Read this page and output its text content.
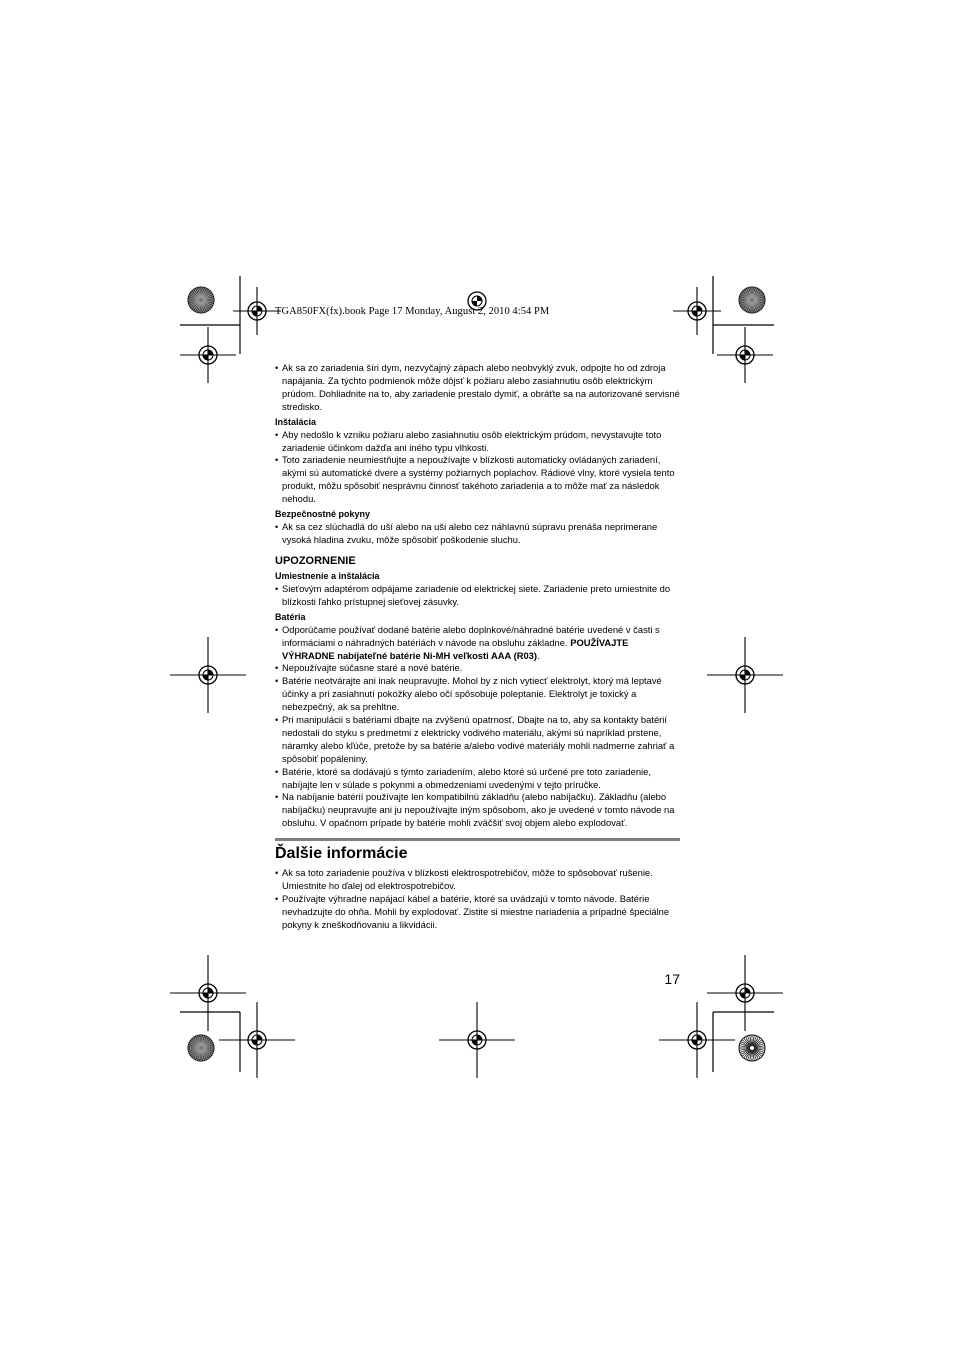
TGA850FX(fx).book Page 17 Monday, August 2, 2010 4:54 PM
• Ak sa zo zariadenia šíri dym, nezvyčajný zápach alebo neobvyklý zvuk, odpojte ho od zdroja napájania. Za týchto podmienok môže dôjsť k požiaru alebo zasiahnutiu osôb elektrickým prúdom. Dohliadnite na to, aby zariadenie prestalo dymiť, a obráťte sa na autorizované servisné stredisko.
Inštalácia
• Aby nedošlo k vzniku požiaru alebo zasiahnutiu osôb elektrickým prúdom, nevystavujte toto zariadenie účinkom dažďa ani iného typu vlhkosti.
• Toto zariadenie neumiestňujte a nepoužívajte v blízkosti automaticky ovládaných zariadení, akými sú automatické dvere a systémy požiarnych poplachov. Rádiové vlny, ktoré vysiela tento produkt, môžu spôsobiť nesprávnu činnosť takéhoto zariadenia a to môže mať za následok nehodu.
Bezpečnostné pokyny
• Ak sa cez slúchadlá do uší alebo na uši alebo cez náhlavnú súpravu prenáša neprimerane vysoká hladina zvuku, môže spôsobiť poškodenie sluchu.
UPOZORNENIE
Umiestnenie a inštalácia
• Sieťovým adaptérom odpájame zariadenie od elektrickej siete. Zariadenie preto umiestnite do blízkosti ľahko prístupnej sieťovej zásuvky.
Batéria
• Odporúčame používať dodané batérie alebo doplnkové/náhradné batérie uvedené v časti s informáciami o náhradných batériách v návode na obsluhu základne. POUŽÍVAJTE VÝHRADNE nabíjateľné batérie Ni-MH veľkosti AAA (R03).
• Nepoužívajte súčasne staré a nové batérie.
• Batérie neotvárajte ani inak neupravujte. Mohol by z nich vytiecť elektrolyt, ktorý má leptavé účinky a pri zasiahnutí pokožky alebo očí spôsobuje poleptanie. Elektrolyt je toxický a nebezpečný, ak sa prehltne.
• Pri manipulácii s batériami dbajte na zvýšenú opatrnosť. Dbajte na to, aby sa kontakty batérií nedostali do styku s predmetmi z elektricky vodivého materiálu, akými sú napríklad prstene, náramky alebo kľúče, pretože by sa batérie a/alebo vodivé materiály mohli nadmerne zahriať a spôsobiť popáleniny.
• Batérie, ktoré sa dodávajú s týmto zariadením, alebo ktoré sú určené pre toto zariadenie, nabíjajte len v súlade s pokynmi a obmedzeniami uvedenými v tejto príručke.
• Na nabíjanie batérií používajte len kompatibilnú základňu (alebo nabíjačku). Základňu (alebo nabíjačku) neupravujte ani ju nepoužívajte iným spôsobom, ako je uvedené v tomto návode na obsluhu. V opačnom prípade by batérie mohli zväčšiť svoj objem alebo explodovať.
Ďalšie informácie
• Ak sa toto zariadenie používa v blízkosti elektrospotrebičov, môže to spôsobovať rušenie. Umiestnite ho ďalej od elektrospotrebičov.
• Používajte výhradne napájací kábel a batérie, ktoré sa uvádzajú v tomto návode. Batérie nevhadzujte do ohňa. Mohli by explodovať. Zistite si miestne nariadenia a prípadné špeciálne pokyny k zneškodňovaniu a likvidácii.
17
